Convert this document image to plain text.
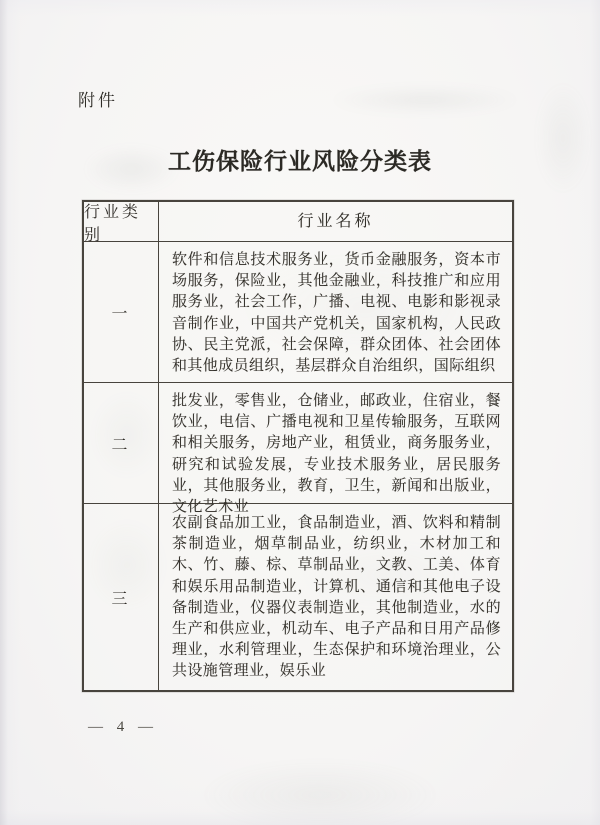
附件
工伤保险行业风险分类表
行业类别
行业名称
一
软件和信息技术服务业，货币金融服务，资本市场服务，保险业，其他金融业，科技推广和应用服务业，社会工作，广播、电视、电影和影视录音制作业，中国共产党机关，国家机构，人民政协、民主党派，社会保障，群众团体、社会团体和其他成员组织，基层群众自治组织，国际组织
二
批发业，零售业，仓储业，邮政业，住宿业，餐饮业，电信、广播电视和卫星传输服务，互联网和相关服务，房地产业，租赁业，商务服务业，研究和试验发展，专业技术服务业，居民服务业，其他服务业，教育，卫生，新闻和出版业，文化艺术业
三
农副食品加工业，食品制造业，酒、饮料和精制茶制造业，烟草制品业，纺织业，木材加工和木、竹、藤、棕、草制品业，文教、工美、体育和娱乐用品制造业，计算机、通信和其他电子设备制造业，仪器仪表制造业，其他制造业，水的生产和供应业，机动车、电子产品和日用产品修理业，水利管理业，生态保护和环境治理业，公共设施管理业，娱乐业
— 4 —
